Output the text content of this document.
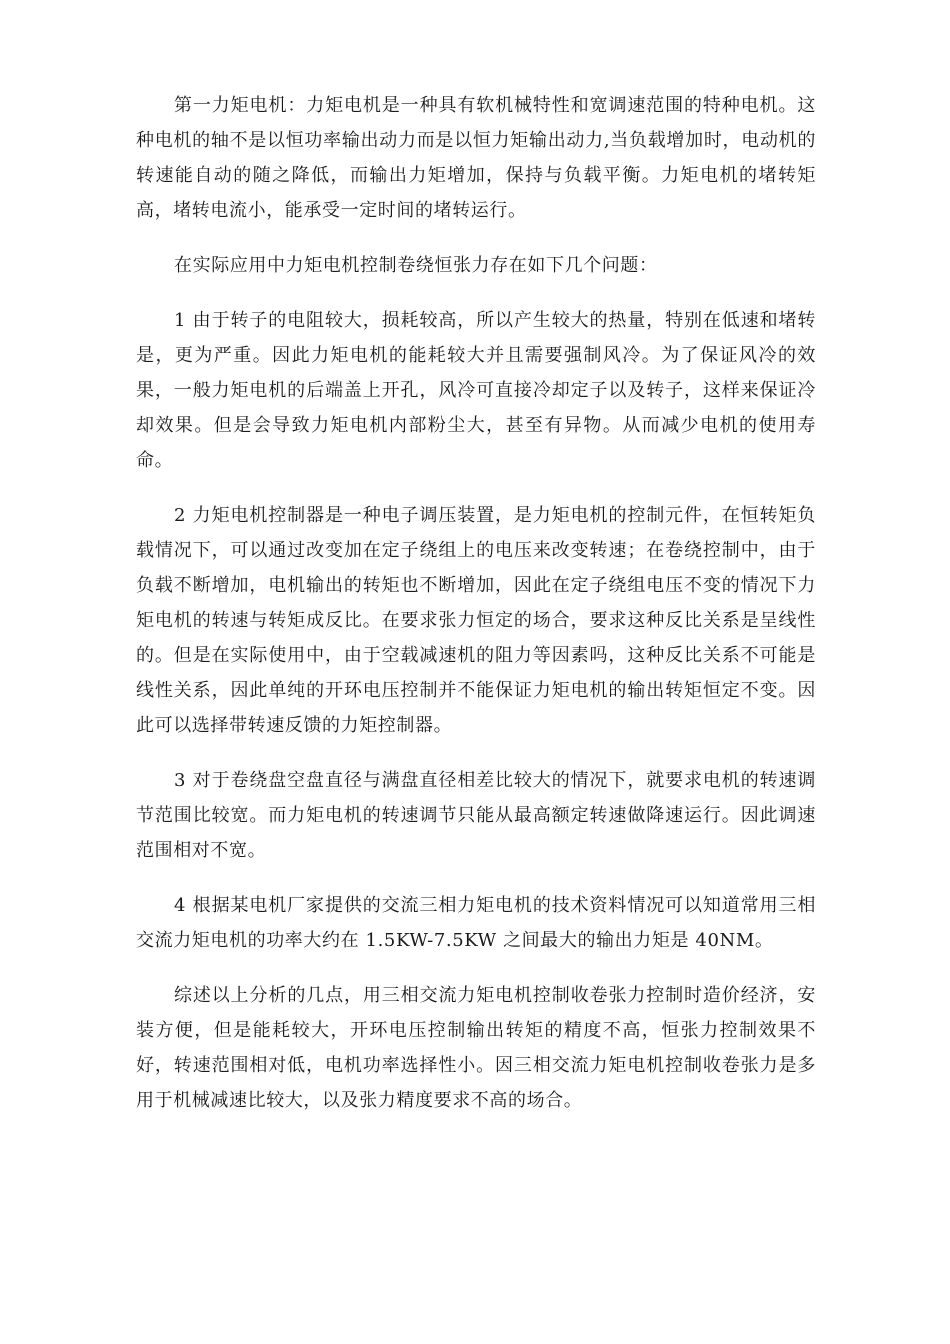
第一力矩电机：力矩电机是一种具有软机械特性和宽调速范围的特种电机。这种电机的轴不是以恒功率输出动力而是以恒力矩输出动力,当负载增加时，电动机的转速能自动的随之降低，而输出力矩增加，保持与负载平衡。力矩电机的堵转矩高，堵转电流小，能承受一定时间的堵转运行。

在实际应用中力矩电机控制卷绕恒张力存在如下几个问题：

1 由于转子的电阻较大，损耗较高，所以产生较大的热量，特别在低速和堵转是，更为严重。因此力矩电机的能耗较大并且需要强制风冷。为了保证风冷的效果，一般力矩电机的后端盖上开孔，风冷可直接冷却定子以及转子，这样来保证冷却效果。但是会导致力矩电机内部粉尘大，甚至有异物。从而减少电机的使用寿命。

2 力矩电机控制器是一种电子调压装置，是力矩电机的控制元件，在恒转矩负载情况下，可以通过改变加在定子绕组上的电压来改变转速；在卷绕控制中，由于负载不断增加，电机输出的转矩也不断增加，因此在定子绕组电压不变的情况下力矩电机的转速与转矩成反比。在要求张力恒定的场合，要求这种反比关系是呈线性的。但是在实际使用中，由于空载减速机的阻力等因素吗，这种反比关系不可能是线性关系，因此单纯的开环电压控制并不能保证力矩电机的输出转矩恒定不变。因此可以选择带转速反馈的力矩控制器。

3 对于卷绕盘空盘直径与满盘直径相差比较大的情况下，就要求电机的转速调节范围比较宽。而力矩电机的转速调节只能从最高额定转速做降速运行。因此调速范围相对不宽。

4 根据某电机厂家提供的交流三相力矩电机的技术资料情况可以知道常用三相交流力矩电机的功率大约在 1.5KW-7.5KW 之间最大的输出力矩是 40NM。

综述以上分析的几点，用三相交流力矩电机控制收卷张力控制时造价经济，安装方便，但是能耗较大，开环电压控制输出转矩的精度不高，恒张力控制效果不好，转速范围相对低，电机功率选择性小。因三相交流力矩电机控制收卷张力是多用于机械减速比较大，以及张力精度要求不高的场合。
